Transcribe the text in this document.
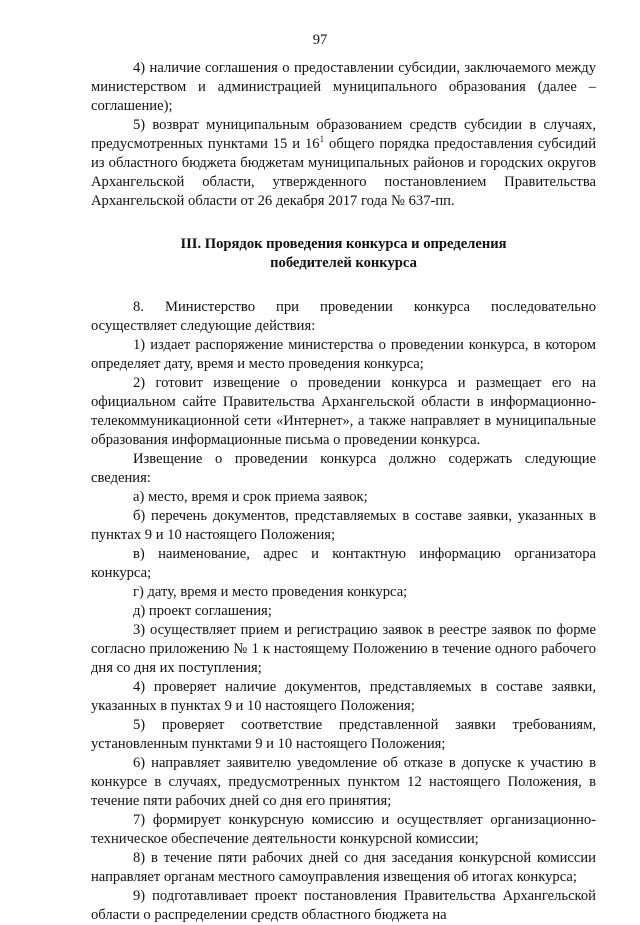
97

4) наличие соглашения о предоставлении субсидии, заключаемого между министерством и администрацией муниципального образования (далее – соглашение);

5) возврат муниципальным образованием средств субсидии в случаях, предусмотренных пунктами 15 и $16^1$ общего порядка предоставления субсидий из областного бюджета бюджетам муниципальных районов и городских округов Архангельской области, утвержденного постановлением Правительства Архангельской области от 26 декабря 2017 года № 637-пп.

III. Порядок проведения конкурса и определения
победителей конкурса

8. Министерство при проведении конкурса последовательно осуществляет следующие действия:

1) издает распоряжение министерства о проведении конкурса, в котором определяет дату, время и место проведения конкурса;

2) готовит извещение о проведении конкурса и размещает его на официальном сайте Правительства Архангельской области в информационно-телекоммуникационной сети «Интернет», а также направляет в муниципальные образования информационные письма о проведении конкурса.

Извещение о проведении конкурса должно содержать следующие сведения:

а) место, время и срок приема заявок;

б) перечень документов, представляемых в составе заявки, указанных в пунктах 9 и 10 настоящего Положения;

в) наименование, адрес и контактную информацию организатора конкурса;

г) дату, время и место проведения конкурса;

д) проект соглашения;

3) осуществляет прием и регистрацию заявок в реестре заявок по форме согласно приложению № 1 к настоящему Положению в течение одного рабочего дня со дня их поступления;

4) проверяет наличие документов, представляемых в составе заявки, указанных в пунктах 9 и 10 настоящего Положения;

5) проверяет соответствие представленной заявки требованиям, установленным пунктами 9 и 10 настоящего Положения;

6) направляет заявителю уведомление об отказе в допуске к участию в конкурсе в случаях, предусмотренных пунктом 12 настоящего Положения, в течение пяти рабочих дней со дня его принятия;

7) формирует конкурсную комиссию и осуществляет организационно-техническое обеспечение деятельности конкурсной комиссии;

8) в течение пяти рабочих дней со дня заседания конкурсной комиссии направляет органам местного самоуправления извещения об итогах конкурса;

9) подготавливает проект постановления Правительства Архангельской области о распределении средств областного бюджета на
